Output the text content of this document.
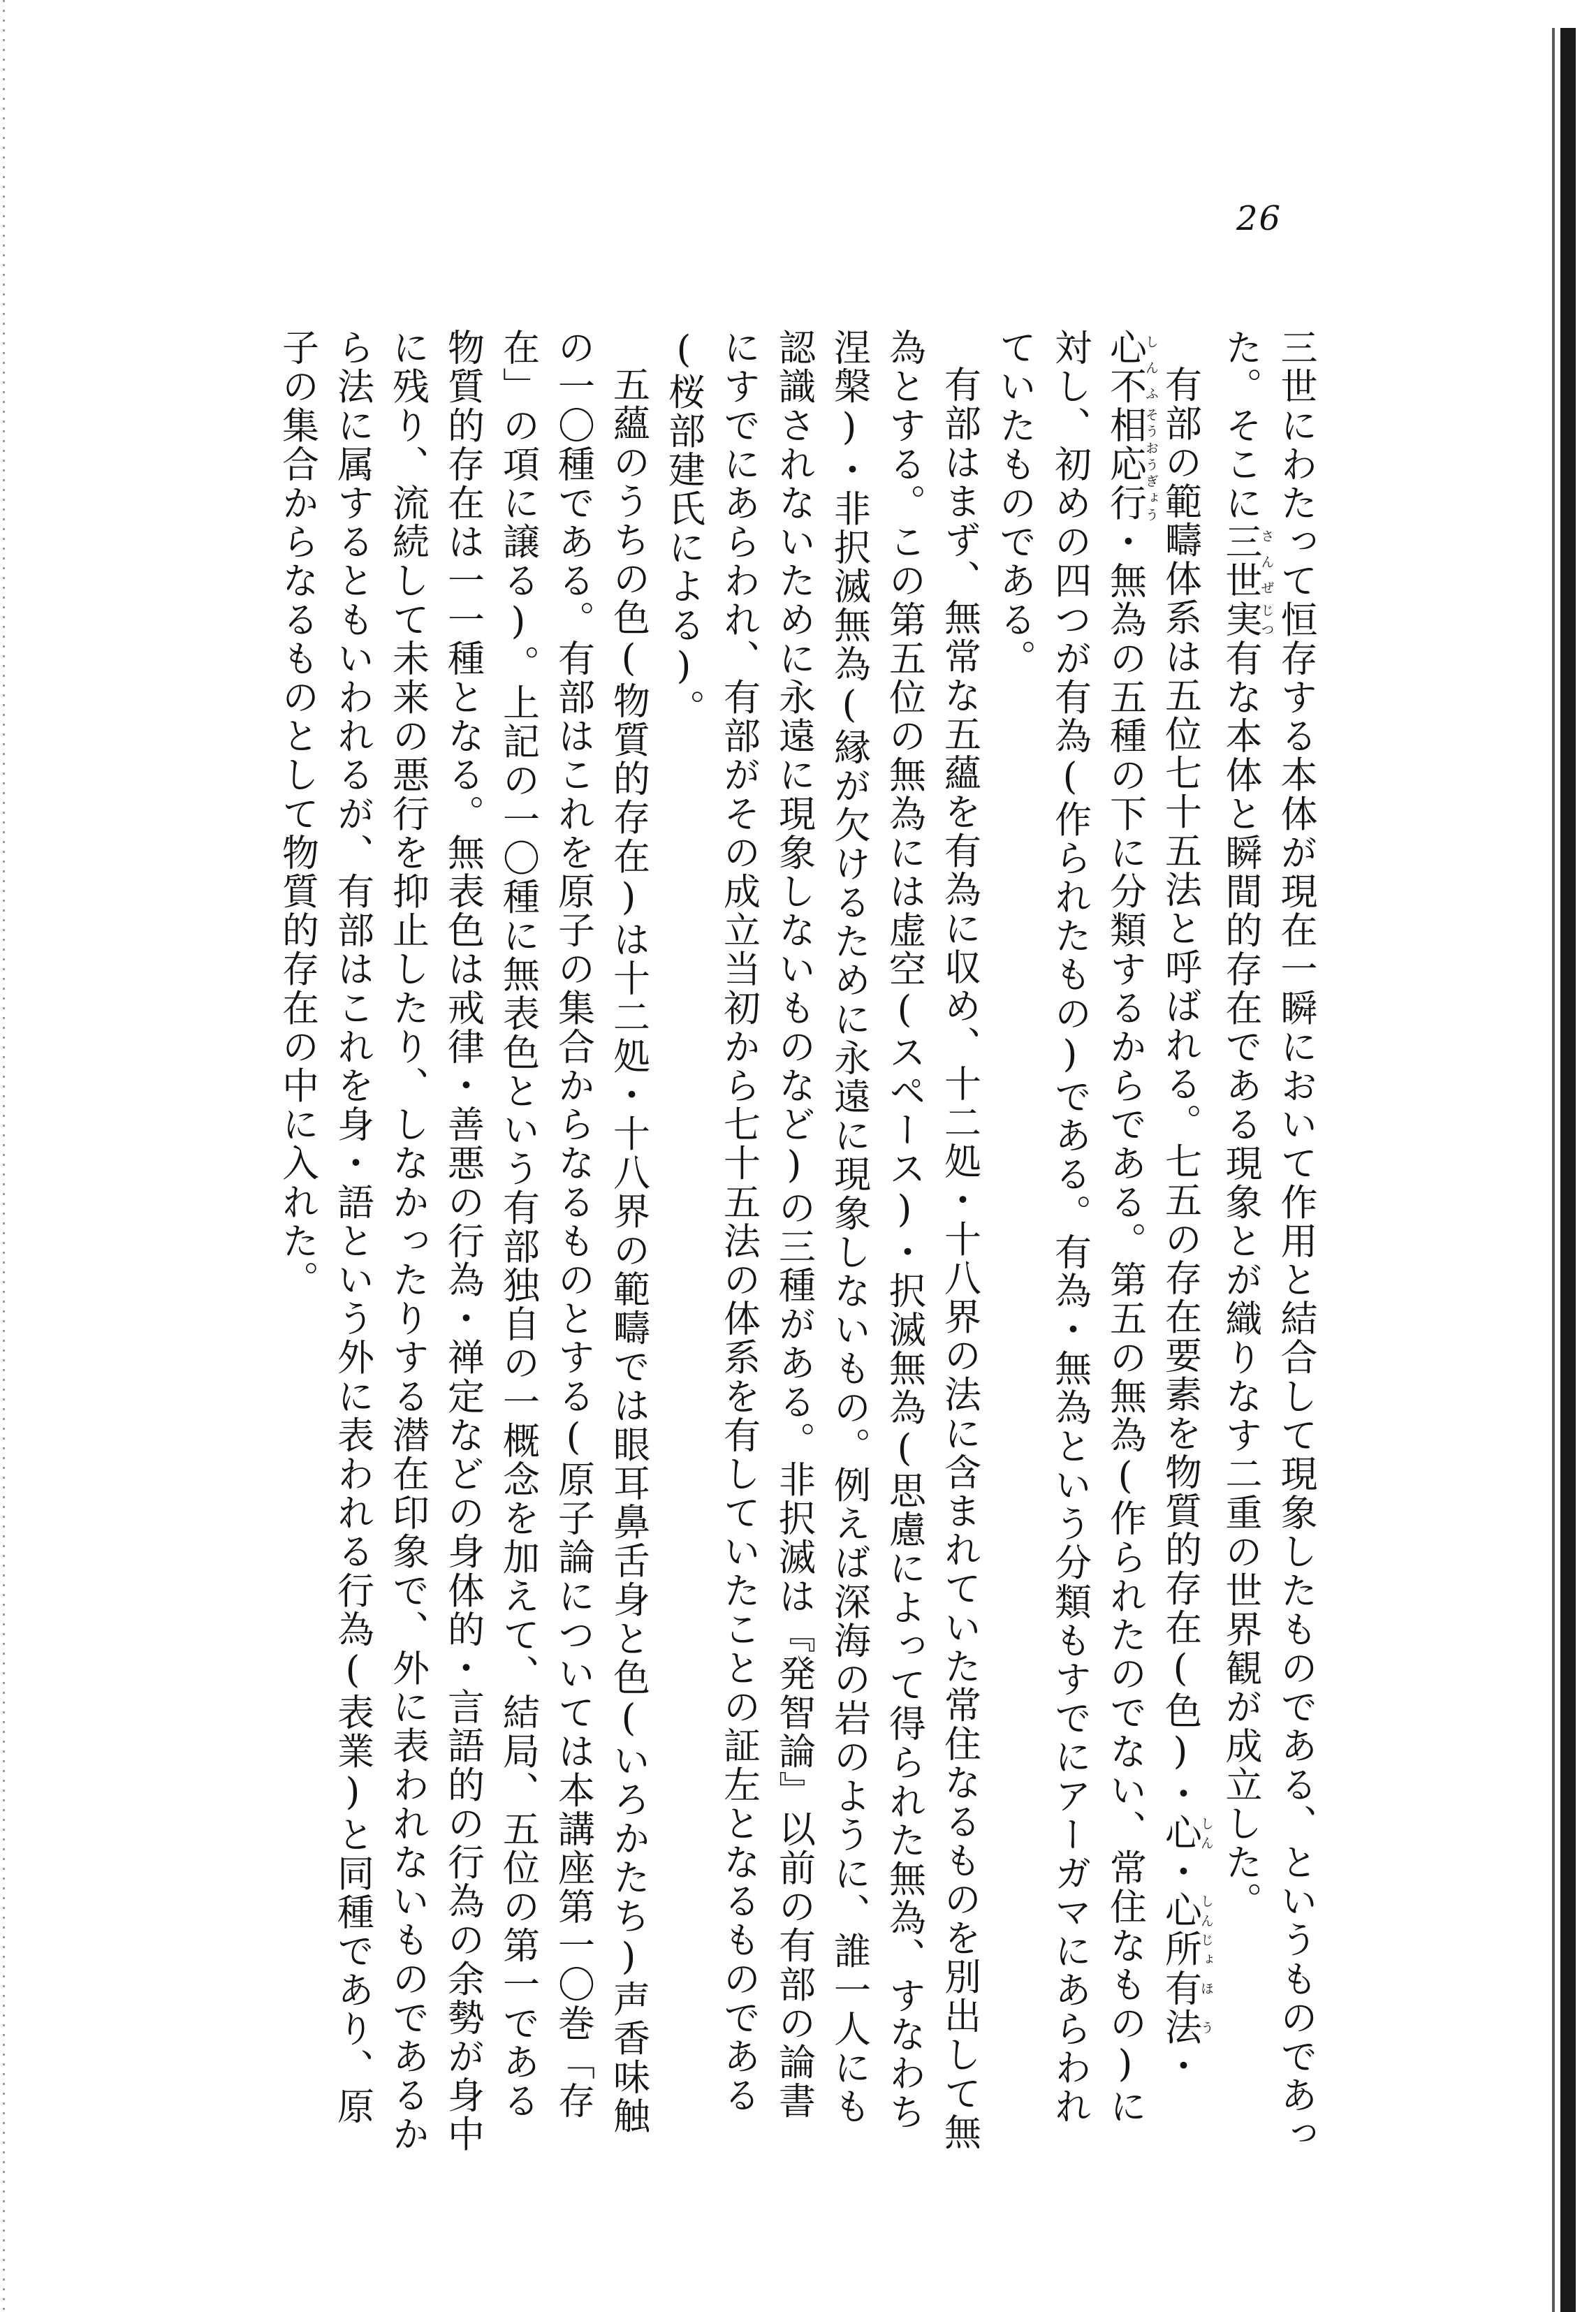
26

三世にわたって恒存する本体が現在一瞬において作用と結合して現象したものである、というものであった。そこに三世さんぜ実じつ有な本体と瞬間的存在である現象とが織りなす二重の世界観が成立した。

有部の範疇体系は五位七十五法と呼ばれる。七五の存在要素を物質的存在(色)・心しん・心所しんじょ有法ほう・心不しんふ相応行そうおうぎょう・無為の五種の下に分類するからである。第五の無為(作られたのでない、常住なもの)に対し、初めの四つが有為(作られたもの)である。有為・無為という分類もすでにアーガマにあらわれていたものである。

有部はまず、無常な五蘊を有為に収め、十二処・十八界の法に含まれていた常住なるものを別出して無為とする。この第五位の無為には虚空(スペース)・択滅無為(思慮によって得られた無為、すなわち涅槃)・非択滅無為(縁が欠けるために永遠に現象しないもの。例えば深海の岩のように、誰一人にも認識されないために永遠に現象しないものなど)の三種がある。非択滅は『発智論』以前の有部の論書にすでにあらわれ、有部がその成立当初から七十五法の体系を有していたことの証左となるものである(桜部建氏による)。

五蘊のうちの色(物質的存在)は十二処・十八界の範疇では眼耳鼻舌身と色(いろかたち)声香味触の一〇種である。有部はこれを原子の集合からなるものとする(原子論については本講座第一〇巻「存在」の項に譲る)。上記の一〇種に無表色という有部独自の一概念を加えて、結局、五位の第一である物質的存在は一一種となる。無表色は戒律・善悪の行為・禅定などの身体的・言語的の行為の余勢が身中に残り、流続して未来の悪行を抑止したり、しなかったりする潜在印象で、外に表われないものであるから法に属するともいわれるが、有部はこれを身・語という外に表われる行為(表業)と同種であり、原子の集合からなるものとして物質的存在の中に入れた。
